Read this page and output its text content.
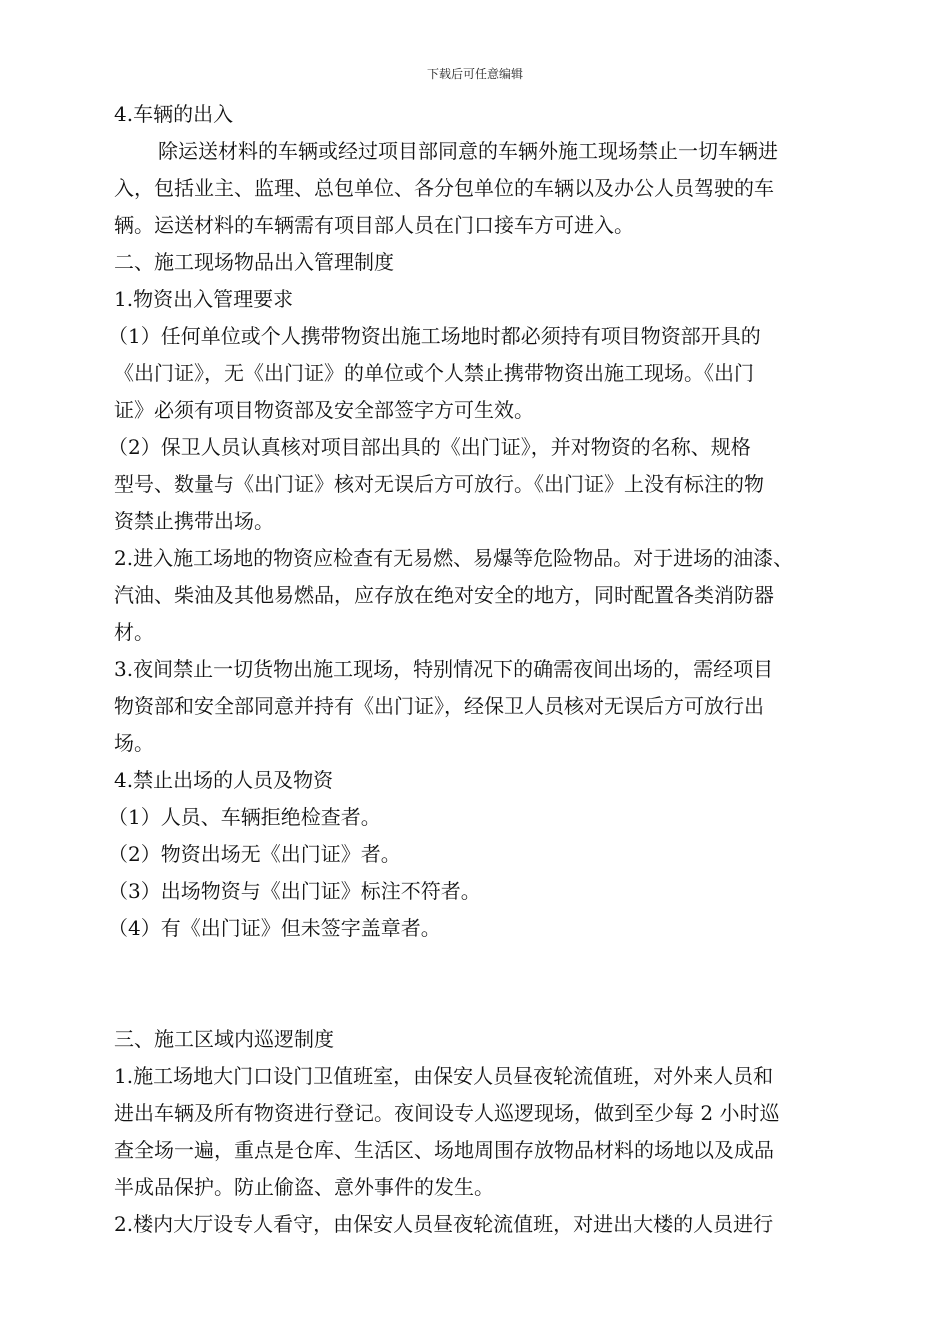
下载后可任意编辑
4.车辆的出入
除运送材料的车辆或经过项目部同意的车辆外施工现场禁止一切车辆进
入，包括业主、监理、总包单位、各分包单位的车辆以及办公人员驾驶的车
辆。运送材料的车辆需有项目部人员在门口接车方可进入。
二、施工现场物品出入管理制度
1.物资出入管理要求
（1）任何单位或个人携带物资出施工场地时都必须持有项目物资部开具的
《出门证》，无《出门证》的单位或个人禁止携带物资出施工现场。《出门
证》必须有项目物资部及安全部签字方可生效。
（2）保卫人员认真核对项目部出具的《出门证》，并对物资的名称、规格
型号、数量与《出门证》核对无误后方可放行。《出门证》上没有标注的物
资禁止携带出场。
2.进入施工场地的物资应检查有无易燃、易爆等危险物品。对于进场的油漆、
汽油、柴油及其他易燃品，应存放在绝对安全的地方，同时配置各类消防器
材。
3.夜间禁止一切货物出施工现场，特别情况下的确需夜间出场的，需经项目
物资部和安全部同意并持有《出门证》，经保卫人员核对无误后方可放行出
场。
4.禁止出场的人员及物资
（1）人员、车辆拒绝检查者。
（2）物资出场无《出门证》者。
（3）出场物资与《出门证》标注不符者。
（4）有《出门证》但未签字盖章者。
三、施工区域内巡逻制度
1.施工场地大门口设门卫值班室，由保安人员昼夜轮流值班，对外来人员和
进出车辆及所有物资进行登记。夜间设专人巡逻现场，做到至少每 2 小时巡
查全场一遍，重点是仓库、生活区、场地周围存放物品材料的场地以及成品
半成品保护。防止偷盗、意外事件的发生。
2.楼内大厅设专人看守，由保安人员昼夜轮流值班，对进出大楼的人员进行
